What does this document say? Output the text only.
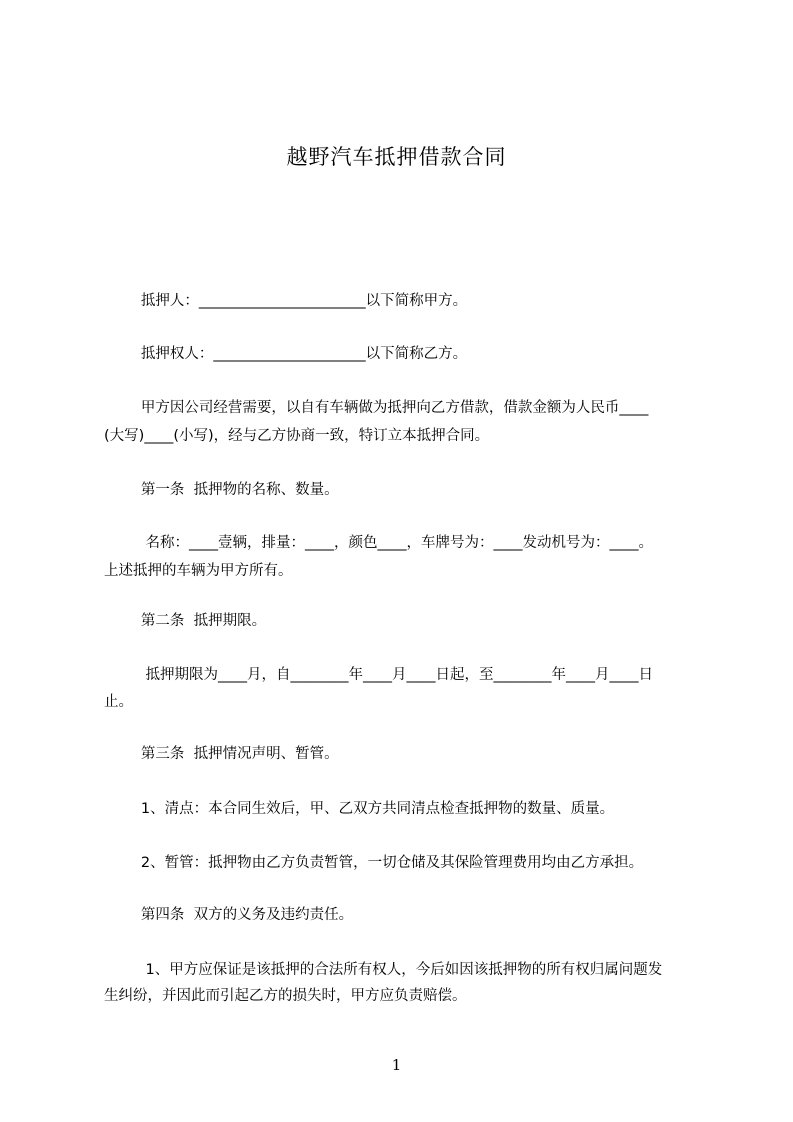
越野汽车抵押借款合同
抵押人：_______________________以下简称甲方。
抵押权人：_____________________以下简称乙方。
甲方因公司经营需要，以自有车辆做为抵押向乙方借款，借款金额为人民币____
(大写)____(小写)，经与乙方协商一致，特订立本抵押合同。
第一条  抵押物的名称、数量。
名称：____壹辆，排量：____，颜色____，车牌号为：____发动机号为：____。
上述抵押的车辆为甲方所有。
第二条  抵押期限。
抵押期限为____月，自________年____月____日起，至________年____月____日
止。
第三条  抵押情况声明、暂管。
1、清点：本合同生效后，甲、乙双方共同清点检查抵押物的数量、质量。
2、暂管：抵押物由乙方负责暂管，一切仓储及其保险管理费用均由乙方承担。
第四条  双方的义务及违约责任。
1、甲方应保证是该抵押的合法所有权人，今后如因该抵押物的所有权归属问题发
生纠纷，并因此而引起乙方的损失时，甲方应负责赔偿。
1
